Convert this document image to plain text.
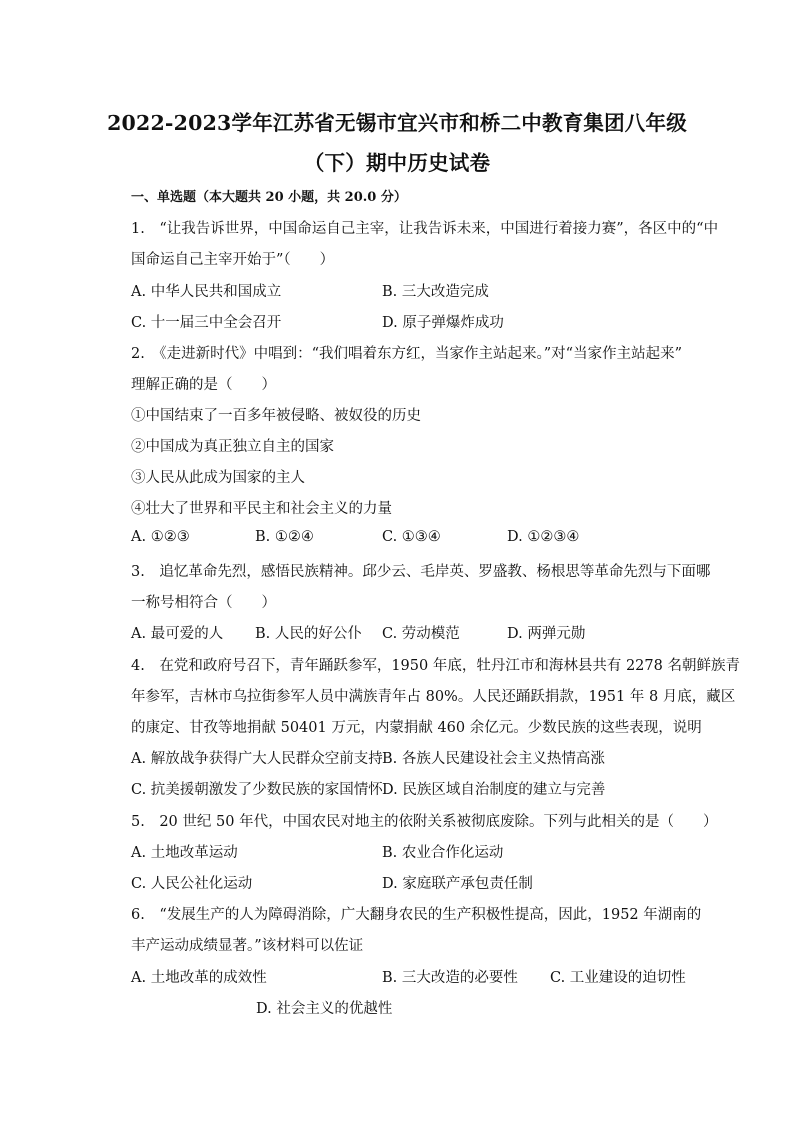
2022-2023学年江苏省无锡市宜兴市和桥二中教育集团八年级
（下）期中历史试卷
一、单选题（本大题共 20 小题，共 20.0 分）
1.　“让我告诉世界，中国命运自己主宰，让我告诉未来，中国进行着接力赛”，各区中的“中
国命运自己主宰开始于”（　　）
A. 中华人民共和国成立	B. 三大改造完成
C. 十一届三中全会召开	D. 原子弹爆炸成功
2.　《走进新时代》中唱到：“我们唱着东方红，当家作主站起来。”对“当家作主站起来”
理解正确的是（　　）
①中国结束了一百多年被侵略、被奴役的历史
②中国成为真正独立自主的国家
③人民从此成为国家的主人
④壮大了世界和平民主和社会主义的力量
A. ①②③	B. ①②④	C. ①③④	D. ①②③④
3.　追忆革命先烈，感悟民族精神。邱少云、毛岸英、罗盛教、杨根思等革命先烈与下面哪
一称号相符合（　　）
A. 最可爱的人 B. 人民的好公仆 C. 劳动模范	D. 两弹元勋
4.　在党和政府号召下，青年踊跃参军，1950 年底，牡丹江市和海林县共有 2278 名朝鲜族青
年参军，吉林市乌拉街参军人员中满族青年占 80%。人民还踊跃捐款，1951 年 8 月底，藏区
的康定、甘孜等地捐献 50401 万元，内蒙捐献 460 余亿元。少数民族的这些表现，说明
A. 解放战争获得广大人民群众空前支持 B. 各族人民建设社会主义热情高涨
C. 抗美援朝激发了少数民族的家国情怀 D. 民族区域自治制度的建立与完善
5.　20 世纪 50 年代，中国农民对地主的依附关系被彻底废除。下列与此相关的是（　　）
A. 土地改革运动	B. 农业合作化运动
C. 人民公社化运动	D. 家庭联产承包责任制
6.　“发展生产的人为障碍消除，广大翻身农民的生产积极性提高，因此，1952 年湖南的
丰产运动成绩显著。”该材料可以佐证
A. 土地改革的成效性	B. 三大改造的必要性 C. 工业建设的迫切性
D. 社会主义的优越性
